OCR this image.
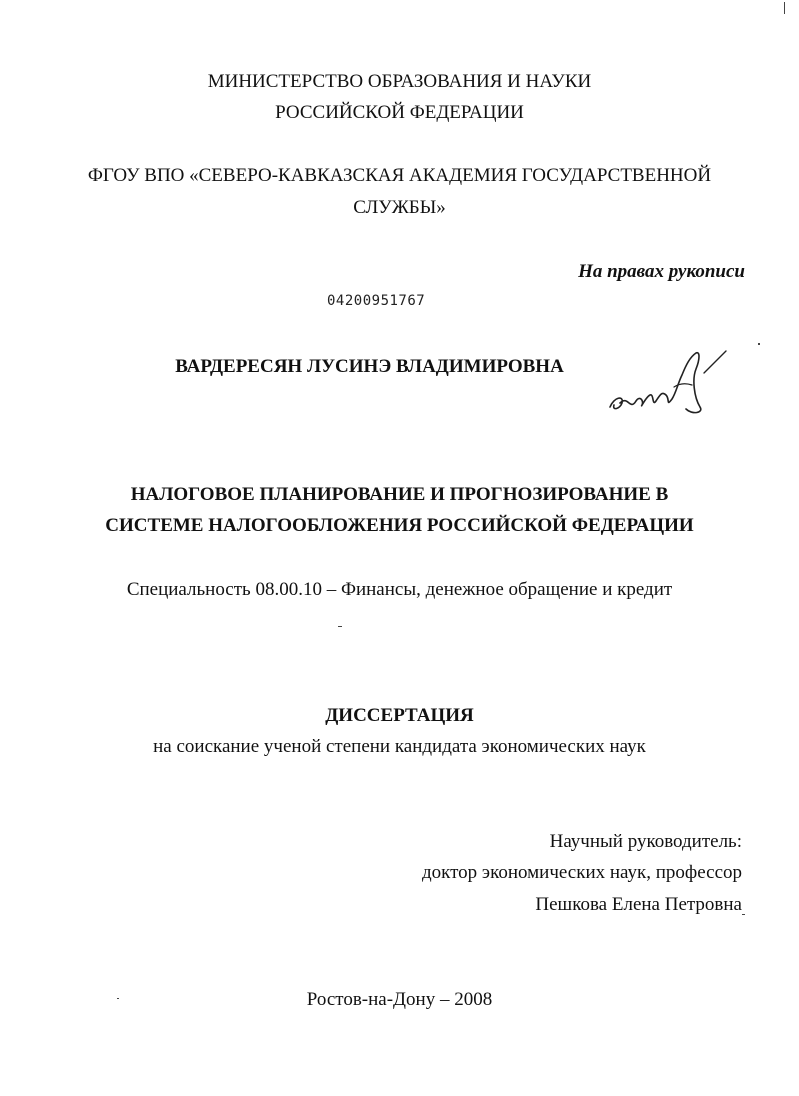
МИНИСТЕРСТВО ОБРАЗОВАНИЯ И НАУКИ
РОССИЙСКОЙ ФЕДЕРАЦИИ
ФГОУ ВПО «СЕВЕРО-КАВКАЗСКАЯ АКАДЕМИЯ ГОСУДАРСТВЕННОЙ
СЛУЖБЫ»
На правах рукописи
04200951767
ВАРДЕРЕСЯН ЛУСИНЭ ВЛАДИМИРОВНА
НАЛОГОВОЕ ПЛАНИРОВАНИЕ И ПРОГНОЗИРОВАНИЕ В
СИСТЕМЕ НАЛОГООБЛОЖЕНИЯ РОССИЙСКОЙ ФЕДЕРАЦИИ
Специальность 08.00.10 – Финансы, денежное обращение и кредит
ДИССЕРТАЦИЯ
на соискание ученой степени кандидата экономических наук
Научный руководитель:
доктор экономических наук, профессор
Пешкова Елена Петровна
Ростов-на-Дону – 2008
